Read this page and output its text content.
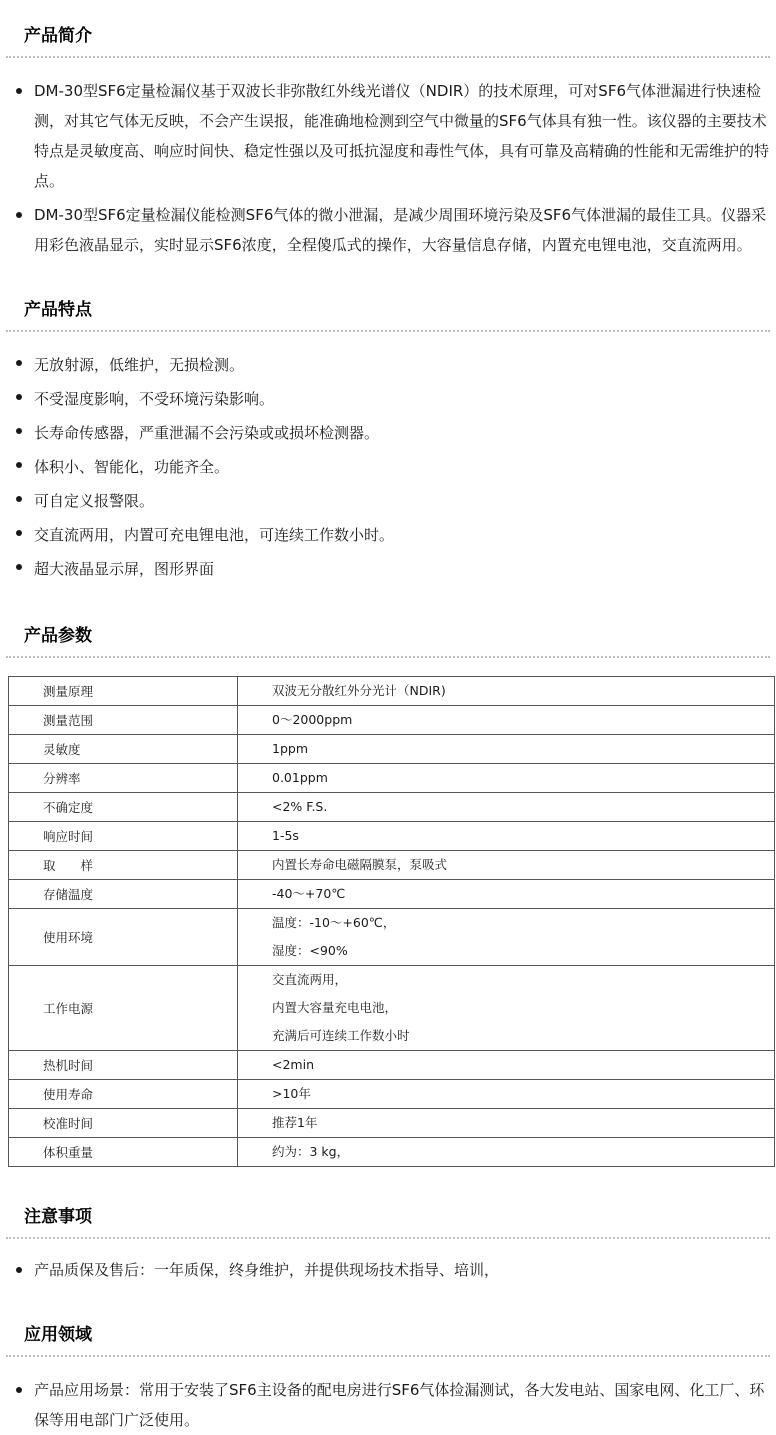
产品简介
DM-30型SF6定量检漏仪基于双波长非弥散红外线光谱仪（NDIR）的技术原理，可对SF6气体泄漏进行快速检测，对其它气体无反映，不会产生误报，能准确地检测到空气中微量的SF6气体具有独一性。该仪器的主要技术特点是灵敏度高、响应时间快、稳定性强以及可抵抗湿度和毒性气体，具有可靠及高精确的性能和无需维护的特点。
DM-30型SF6定量检漏仪能检测SF6气体的微小泄漏，是减少周围环境污染及SF6气体泄漏的最佳工具。仪器采用彩色液晶显示，实时显示SF6浓度，全程傻瓜式的操作，大容量信息存储，内置充电锂电池，交直流两用。
产品特点
无放射源，低维护，无损检测。
不受湿度影响，不受环境污染影响。
长寿命传感器，严重泄漏不会污染或或损坏检测器。
体积小、智能化，功能齐全。
可自定义报警限。
交直流两用，内置可充电锂电池，可连续工作数小时。
超大液晶显示屏，图形界面
产品参数
测量原理	双波无分散红外分光计（NDIR)

测量范围	0～2000ppm

灵敏度	1ppm

分辨率	0.01ppm

不确定度	<2% F.S.

响应时间	1-5s

取　　样	内置长寿命电磁隔膜泵，泵吸式

存储温度	-40～+70℃

使用环境	温度：-10～+60℃，
湿度：<90%

工作电源	交直流两用，
内置大容量充电电池，
充满后可连续工作数小时

热机时间	<2min

使用寿命	>10年

校准时间	推荐1年

体积重量	约为：3 kg，
注意事项
产品质保及售后：一年质保，终身维护，并提供现场技术指导、培训，
应用领域
产品应用场景：常用于安装了SF6主设备的配电房进行SF6气体捡漏测试，各大发电站、国家电网、化工厂、环保等用电部门广泛使用。
